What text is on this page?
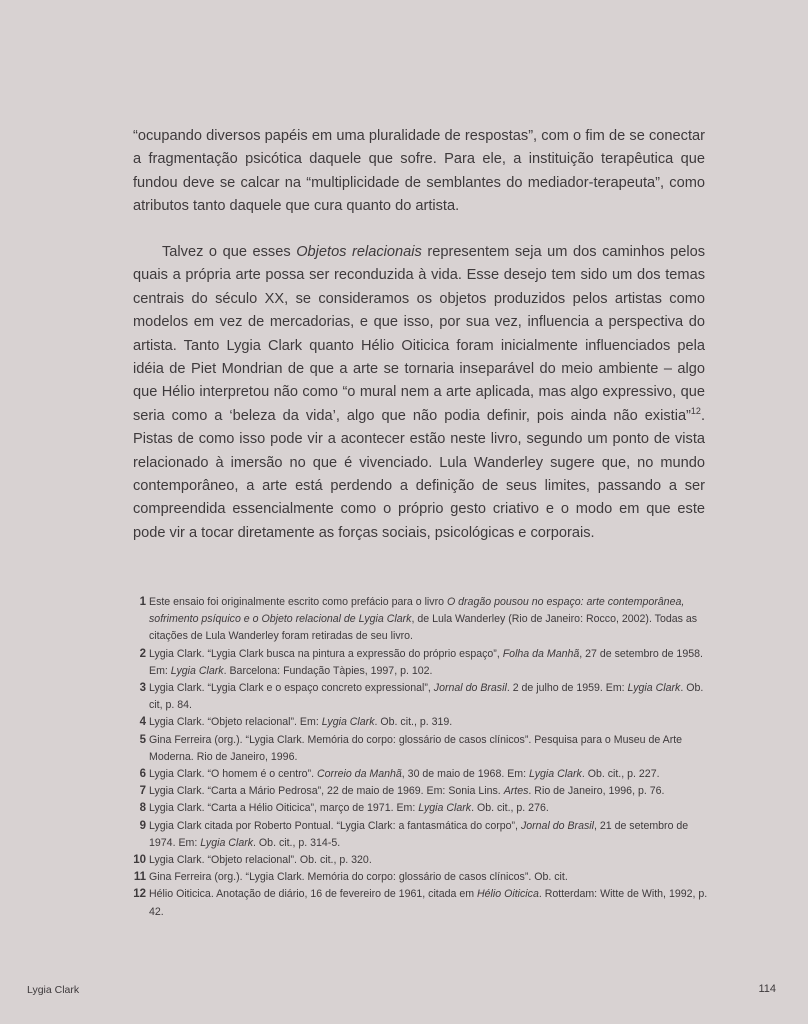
“ocupando diversos papéis em uma pluralidade de respostas”, com o fim de se conectar a fragmentação psicótica daquele que sofre. Para ele, a instituição terapêutica que fundou deve se calcar na “multiplicidade de semblantes do mediador-terapeuta”, como atributos tanto daquele que cura quanto do artista.

Talvez o que esses Objetos relacionais representem seja um dos caminhos pelos quais a própria arte possa ser reconduzida à vida. Esse desejo tem sido um dos temas centrais do século XX, se consideramos os objetos produzidos pelos artistas como modelos em vez de mercadorias, e que isso, por sua vez, influencia a perspectiva do artista. Tanto Lygia Clark quanto Hélio Oiticica foram inicialmente influenciados pela idéia de Piet Mondrian de que a arte se tornaria inseparável do meio ambiente – algo que Hélio interpretou não como “o mural nem a arte aplicada, mas algo expressivo, que seria como a ‘beleza da vida’, algo que não podia definir, pois ainda não existia”$^{12}$. Pistas de como isso pode vir a acontecer estão neste livro, segundo um ponto de vista relacionado à imersão no que é vivenciado. Lula Wanderley sugere que, no mundo contemporâneo, a arte está perdendo a definição de seus limites, passando a ser compreendida essencialmente como o próprio gesto criativo e o modo em que este pode vir a tocar diretamente as forças sociais, psicológicas e corporais.

1 Este ensaio foi originalmente escrito como prefácio para o livro O dragão pousou no espaço: arte contemporânea, sofrimento psíquico e o Objeto relacional de Lygia Clark, de Lula Wanderley (Rio de Janeiro: Rocco, 2002). Todas as citações de Lula Wanderley foram retiradas de seu livro.
2 Lygia Clark. “Lygia Clark busca na pintura a expressão do próprio espaço”, Folha da Manhã, 27 de setembro de 1958. Em: Lygia Clark. Barcelona: Fundação Tàpies, 1997, p. 102.
3 Lygia Clark. “Lygia Clark e o espaço concreto expressional”, Jornal do Brasil. 2 de julho de 1959. Em: Lygia Clark. Ob. cit, p. 84.
4 Lygia Clark. “Objeto relacional”. Em: Lygia Clark. Ob. cit., p. 319.
5 Gina Ferreira (org.). “Lygia Clark. Memória do corpo: glossário de casos clínicos”. Pesquisa para o Museu de Arte Moderna. Rio de Janeiro, 1996.
6 Lygia Clark. “O homem é o centro”. Correio da Manhã, 30 de maio de 1968. Em: Lygia Clark. Ob. cit., p. 227.
7 Lygia Clark. “Carta a Mário Pedrosa”, 22 de maio de 1969. Em: Sonia Lins. Artes. Rio de Janeiro, 1996, p. 76.
8 Lygia Clark. “Carta a Hélio Oiticica”, março de 1971. Em: Lygia Clark. Ob. cit., p. 276.
9 Lygia Clark citada por Roberto Pontual. “Lygia Clark: a fantasmática do corpo”, Jornal do Brasil, 21 de setembro de 1974. Em: Lygia Clark. Ob. cit., p. 314-5.
10 Lygia Clark. “Objeto relacional”. Ob. cit., p. 320.
11 Gina Ferreira (org.). “Lygia Clark. Memória do corpo: glossário de casos clínicos”. Ob. cit.
12 Hélio Oiticica. Anotação de diário, 16 de fevereiro de 1961, citada em Hélio Oiticica. Rotterdam: Witte de With, 1992, p. 42.
Lygia Clark	114
